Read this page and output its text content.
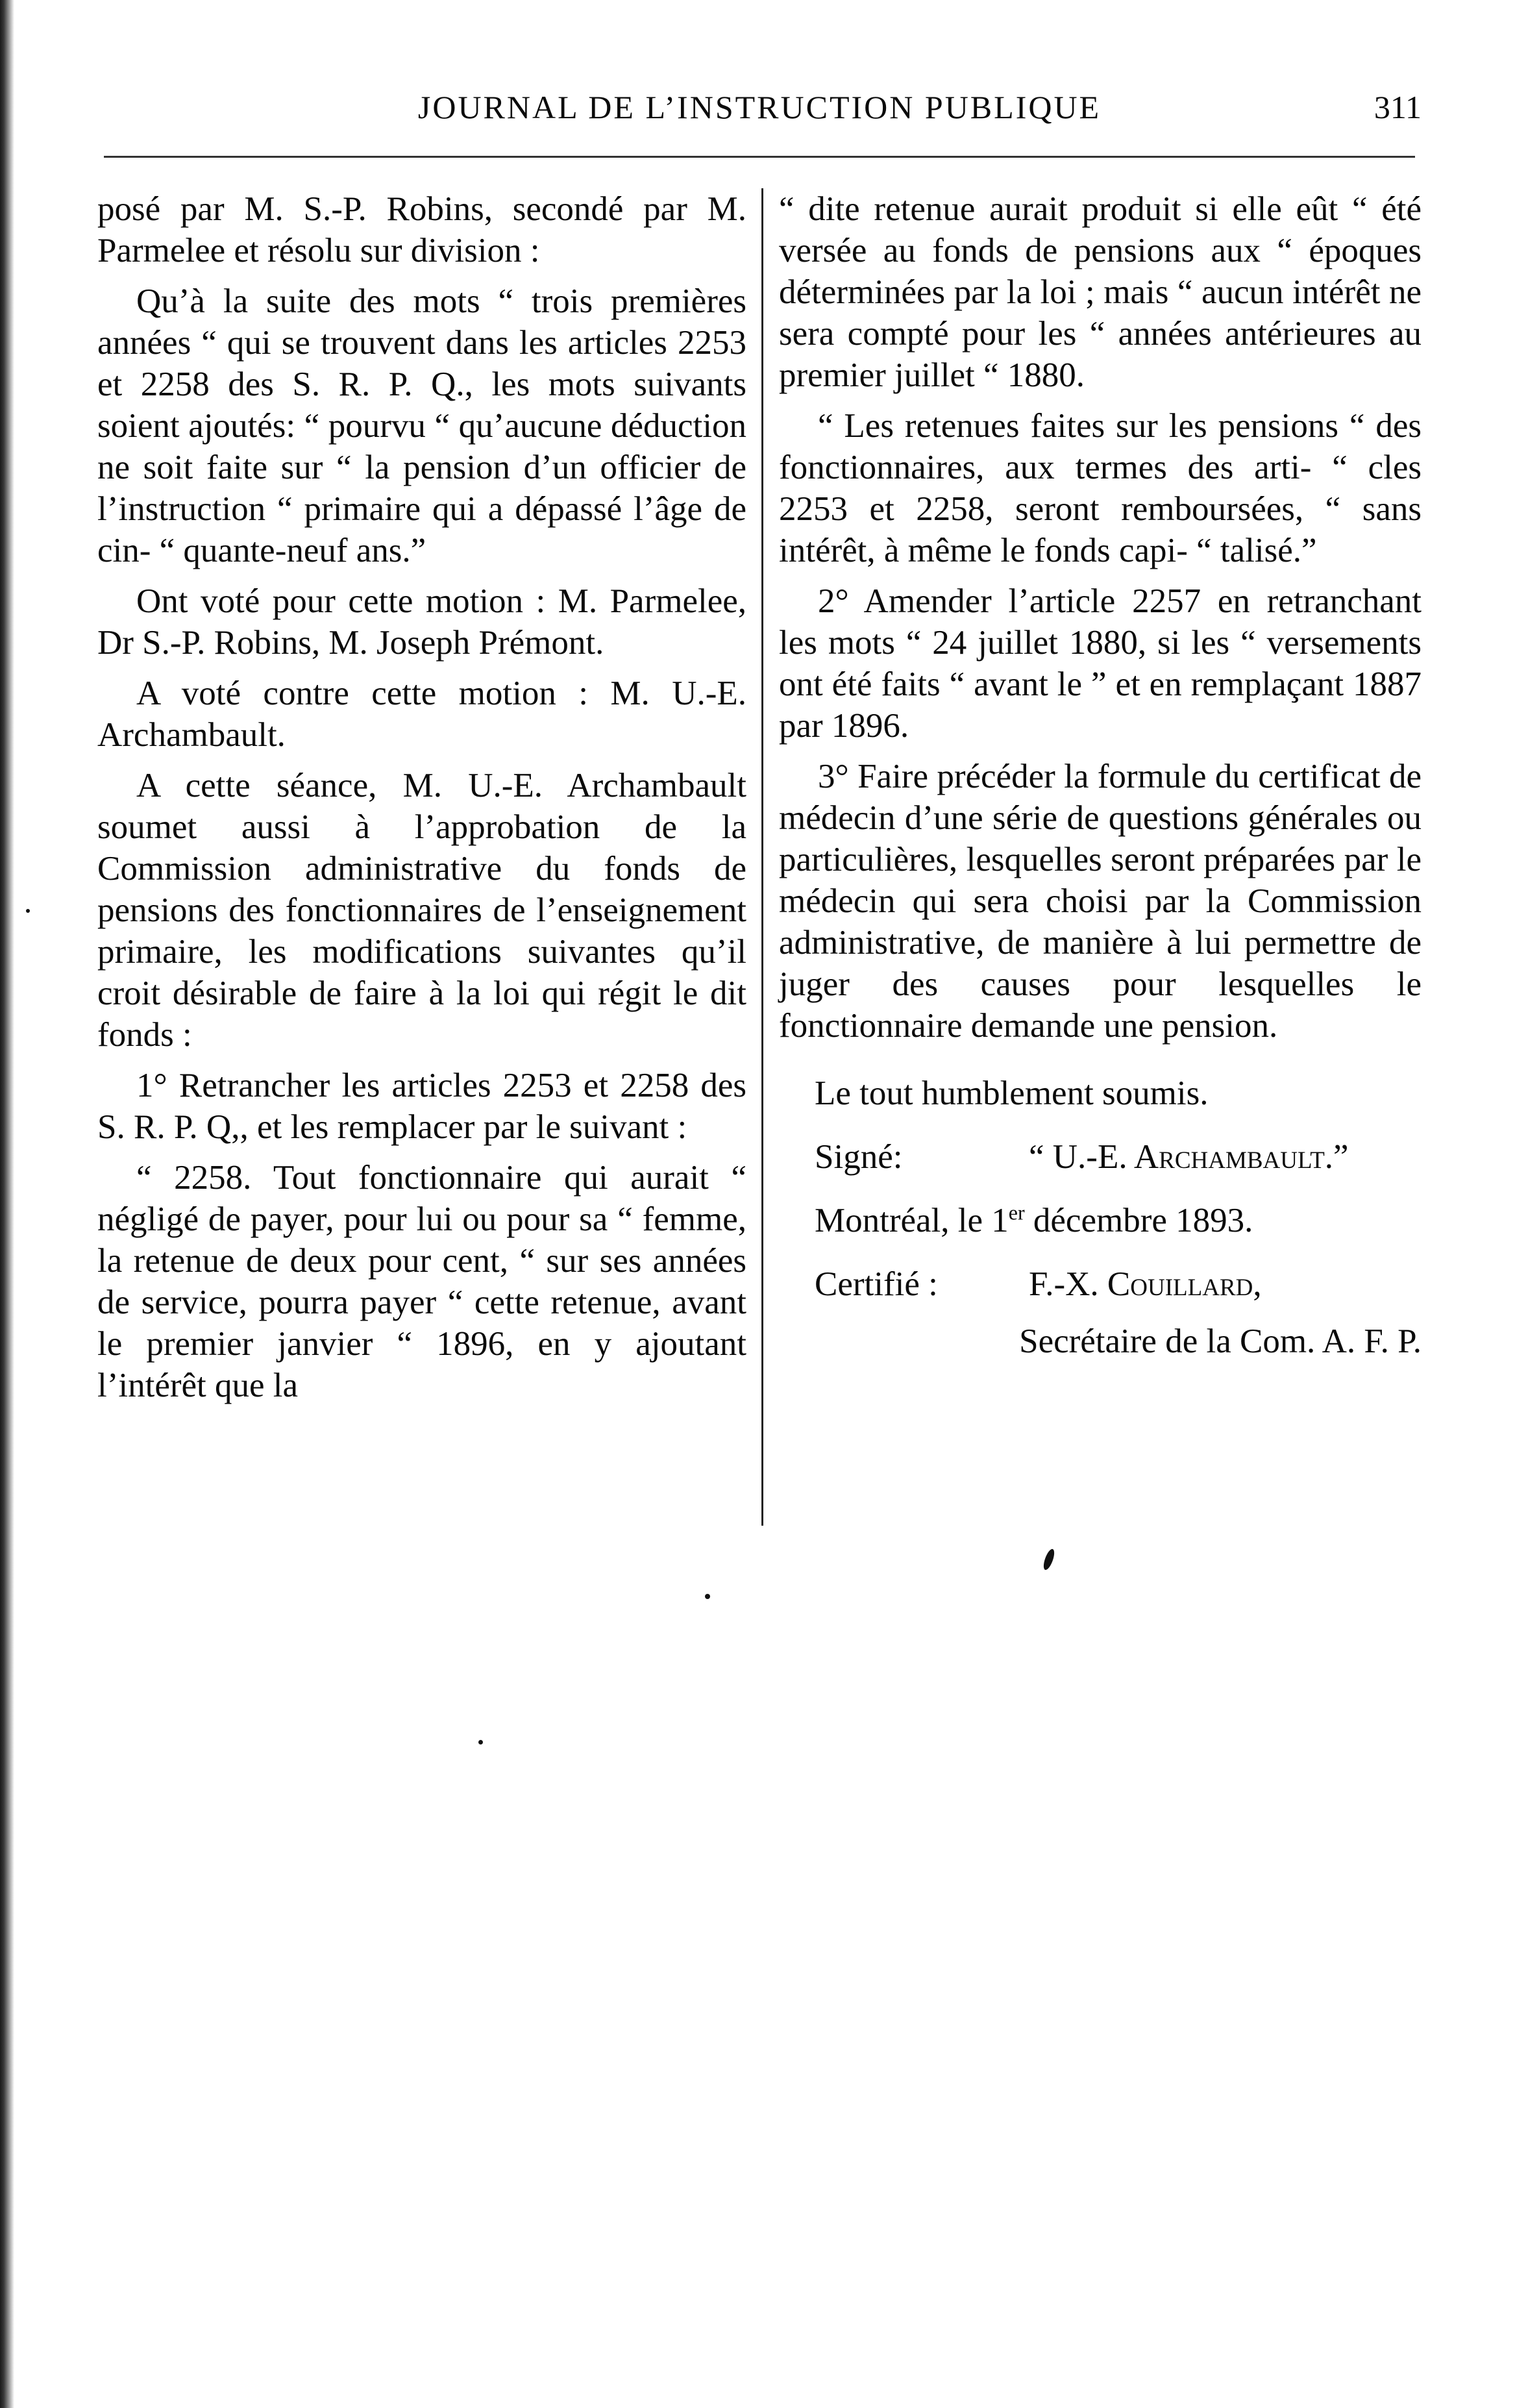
JOURNAL DE L’INSTRUCTION PUBLIQUE	311

posé par M. S.-P. Robins, secondé par M. Parmelee et résolu sur division :

Qu’à la suite des mots “ trois premières années “ qui se trouvent dans les articles 2253 et 2258 des S. R. P. Q., les mots suivants soient ajoutés: “ pourvu “ qu’aucune déduction ne soit faite sur “ la pension d’un officier de l’instruction “ primaire qui a dépassé l’âge de cin- “ quante-neuf ans.”

Ont voté pour cette motion : M. Parmelee, Dr S.-P. Robins, M. Joseph Prémont.

A voté contre cette motion : M. U.-E. Archambault.

A cette séance, M. U.-E. Archambault soumet aussi à l’approbation de la Commission administrative du fonds de pensions des fonctionnaires de l’enseignement primaire, les modifications suivantes qu’il croit désirable de faire à la loi qui régit le dit fonds :

1° Retrancher les articles 2253 et 2258 des S. R. P. Q,, et les remplacer par le suivant :

“ 2258. Tout fonctionnaire qui aurait “ négligé de payer, pour lui ou pour sa “ femme, la retenue de deux pour cent, “ sur ses années de service, pourra payer “ cette retenue, avant le premier janvier “ 1896, en y ajoutant l’intérêt que la

“ dite retenue aurait produit si elle eût “ été versée au fonds de pensions aux “ époques déterminées par la loi ; mais “ aucun intérêt ne sera compté pour les “ années antérieures au premier juillet “ 1880.

“ Les retenues faites sur les pensions “ des fonctionnaires, aux termes des arti- “ cles 2253 et 2258, seront remboursées, “ sans intérêt, à même le fonds capi- “ talisé.”

2° Amender l’article 2257 en retranchant les mots “ 24 juillet 1880, si les “ versements ont été faits “ avant le ” et en remplaçant 1887 par 1896.

3° Faire précéder la formule du certificat de médecin d’une série de questions générales ou particulières, lesquelles seront préparées par le médecin qui sera choisi par la Commission administrative, de manière à lui permettre de juger des causes pour lesquelles le fonctionnaire demande une pension.

Le tout humblement soumis.
Signé:	“ U.-E. Archambault.”
Montréal, le 1er décembre 1893.
Certifié :	F.-X. Couillard,
Secrétaire de la Com. A. F. P.
